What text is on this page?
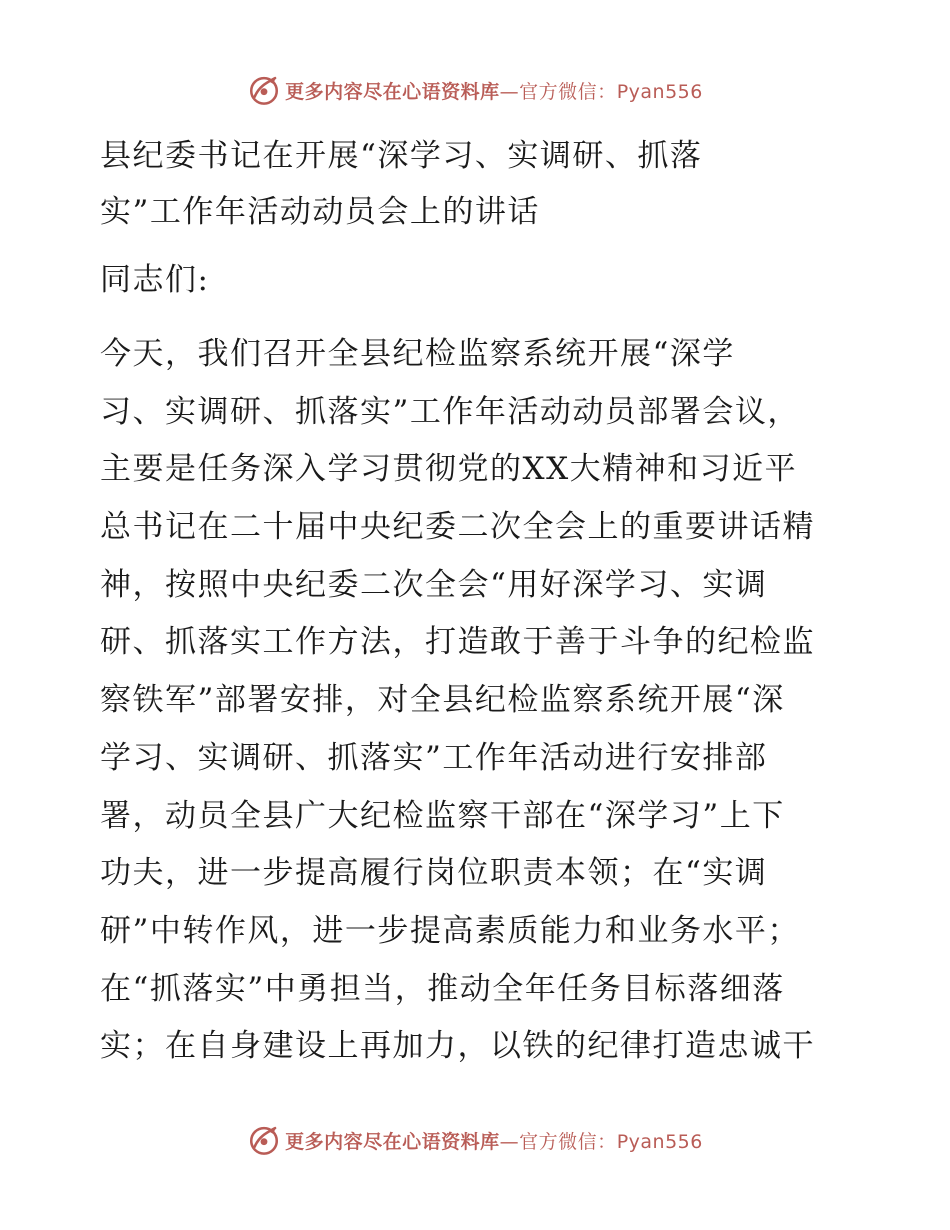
更多内容尽在心语资料库—官方微信：Pyan556
县纪委书记在开展“深学习、实调研、抓落
实”工作年活动动员会上的讲话
同志们:
今天，我们召开全县纪检监察系统开展“深学
习、实调研、抓落实”工作年活动动员部署会议，
主要是任务深入学习贯彻党的XX大精神和习近平
总书记在二十届中央纪委二次全会上的重要讲话精
神，按照中央纪委二次全会“用好深学习、实调
研、抓落实工作方法，打造敢于善于斗争的纪检监
察铁军”部署安排，对全县纪检监察系统开展“深
学习、实调研、抓落实”工作年活动进行安排部
署，动员全县广大纪检监察干部在“深学习”上下
功夫，进一步提高履行岗位职责本领；在“实调
研”中转作风，进一步提高素质能力和业务水平；
在“抓落实”中勇担当，推动全年任务目标落细落
实；在自身建设上再加力，以铁的纪律打造忠诚干
更多内容尽在心语资料库—官方微信：Pyan556
